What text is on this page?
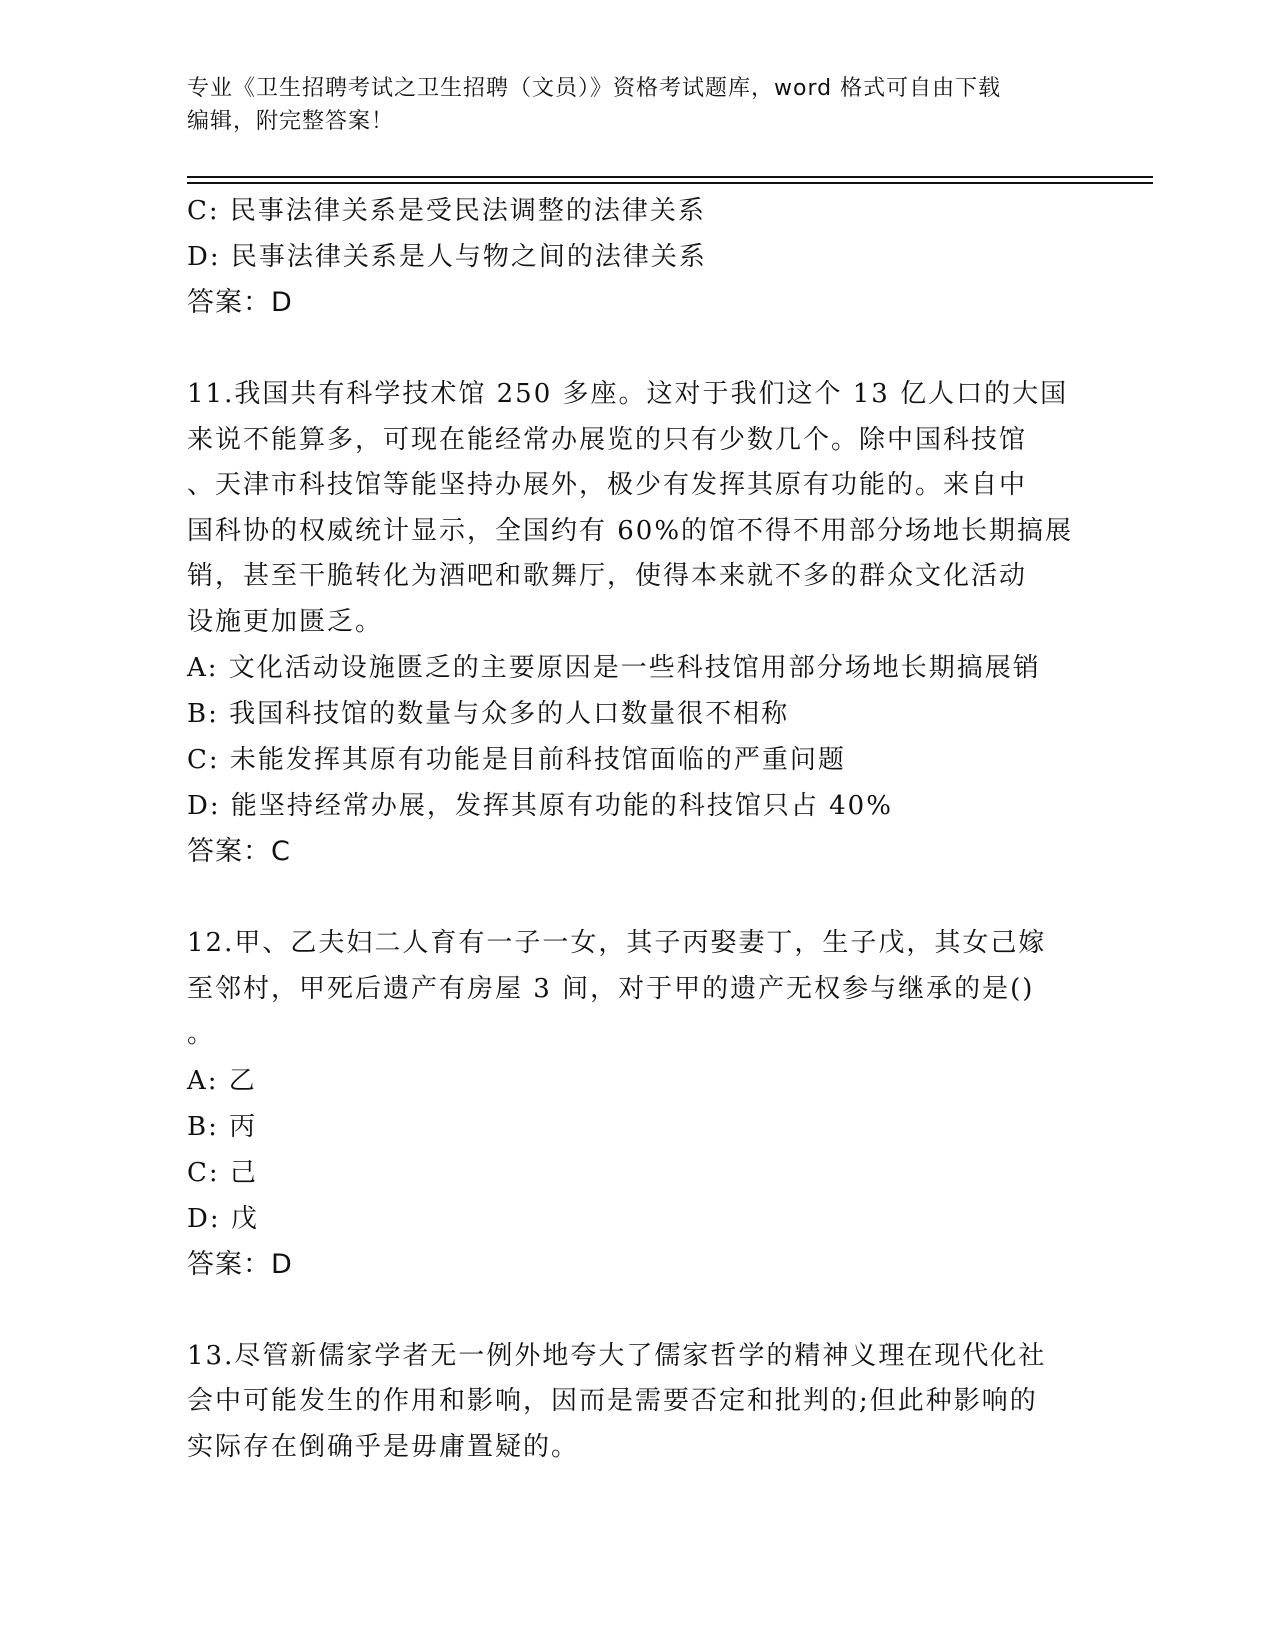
专业《卫生招聘考试之卫生招聘（文员）》资格考试题库，word 格式可自由下载
编辑，附完整答案！
C: 民事法律关系是受民法调整的法律关系
D: 民事法律关系是人与物之间的法律关系
答案：D
11.我国共有科学技术馆 250 多座。这对于我们这个 13 亿人口的大国
来说不能算多，可现在能经常办展览的只有少数几个。除中国科技馆
、天津市科技馆等能坚持办展外，极少有发挥其原有功能的。来自中
国科协的权威统计显示，全国约有 60%的馆不得不用部分场地长期搞展
销，甚至干脆转化为酒吧和歌舞厅，使得本来就不多的群众文化活动
设施更加匮乏。
A: 文化活动设施匮乏的主要原因是一些科技馆用部分场地长期搞展销
B: 我国科技馆的数量与众多的人口数量很不相称
C: 未能发挥其原有功能是目前科技馆面临的严重问题
D: 能坚持经常办展，发挥其原有功能的科技馆只占 40%
答案：C
12.甲、乙夫妇二人育有一子一女，其子丙娶妻丁，生子戊，其女己嫁
至邻村，甲死后遗产有房屋 3 间，对于甲的遗产无权参与继承的是()
。
A: 乙
B: 丙
C: 己
D: 戊
答案：D
13.尽管新儒家学者无一例外地夸大了儒家哲学的精神义理在现代化社
会中可能发生的作用和影响，因而是需要否定和批判的;但此种影响的
实际存在倒确乎是毋庸置疑的。
